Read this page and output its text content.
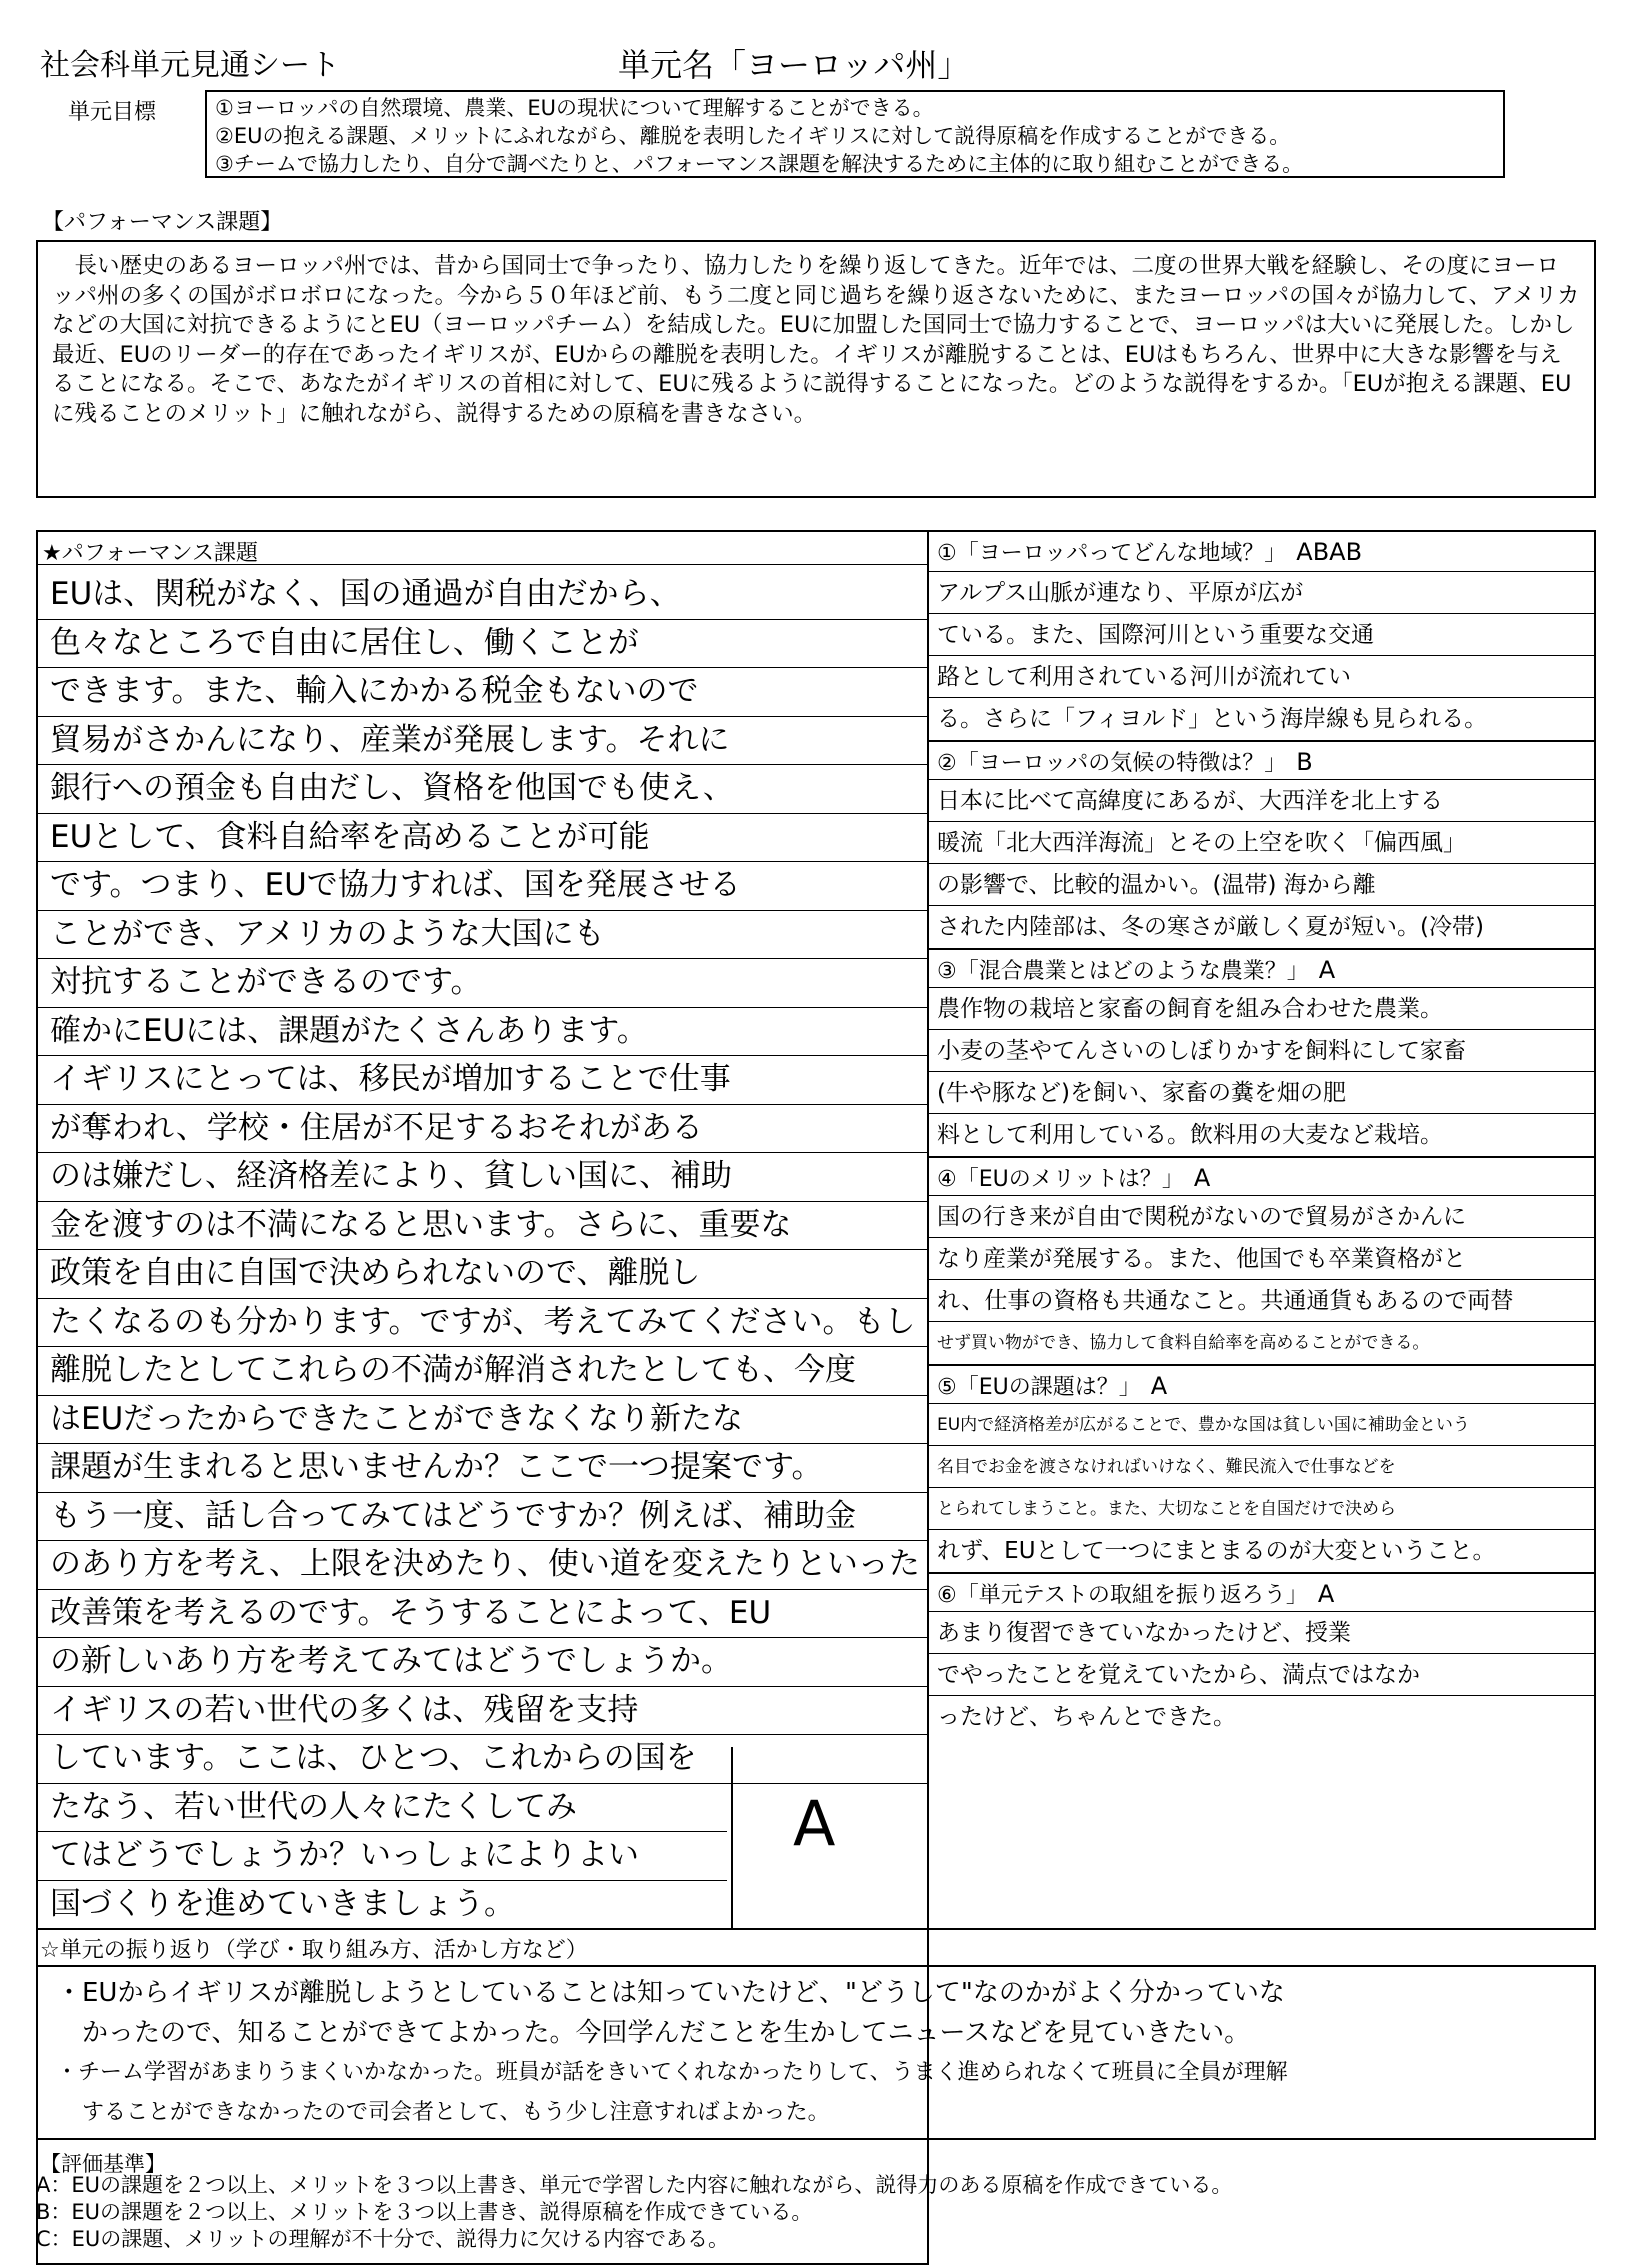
社会科単元見通シート	単元名「ヨーロッパ州」
単元目標	①ヨーロッパの自然環境、農業、EUの現状について理解することができる。
②EUの抱える課題、メリットにふれながら、離脱を表明したイギリスに対して説得原稿を作成することができる。
③チームで協力したり、自分で調べたりと、パフォーマンス課題を解決するために主体的に取り組むことができる。
【パフォーマンス課題】
長い歴史のあるヨーロッパ州では、昔から国同士で争ったり、協力したりを繰り返してきた。近年では、二度の世界大戦を経験し、その度にヨーロッパ州の多くの国がボロボロになった。今から５０年ほど前、もう二度と同じ過ちを繰り返さないために、またヨーロッパの国々が協力して、アメリカなどの大国に対抗できるようにとEU（ヨーロッパチーム）を結成した。EUに加盟した国同士で協力することで、ヨーロッパは大いに発展した。しかし最近、EUのリーダー的存在であったイギリスが、EUからの離脱を表明した。イギリスが離脱することは、EUはもちろん、世界中に大きな影響を与えることになる。そこで、あなたがイギリスの首相に対して、EUに残るように説得することになった。どのような説得をするか。「EUが抱える課題、EUに残ることのメリット」に触れながら、説得するための原稿を書きなさい。
★パフォーマンス課題
EUは、関税がなく、国の通過が自由だから、
色々なところで自由に居住し、働くことが
できます。また、輸入にかかる税金もないので
貿易がさかんになり、産業が発展します。それに
銀行への預金も自由だし、資格を他国でも使え、
EUとして、食料自給率を高めることが可能
です。つまり、EUで協力すれば、国を発展させる
ことができ、アメリカのような大国にも
対抗することができるのです。
確かにEUには、課題がたくさんあります。
イギリスにとっては、移民が増加することで仕事
が奪われ、学校・住居が不足するおそれがある
のは嫌だし、経済格差により、貧しい国に、補助
金を渡すのは不満になると思います。さらに、重要な
政策を自由に自国で決められないので、離脱し
たくなるのも分かります。ですが、考えてみてください。もし
離脱したとしてこれらの不満が解消されたとしても、今度
はEUだったからできたことができなくなり新たな
課題が生まれると思いませんか？ここで一つ提案です。
もう一度、話し合ってみてはどうですか？例えば、補助金
のあり方を考え、上限を決めたり、使い道を変えたりといった
改善策を考えるのです。そうすることによって、EU
の新しいあり方を考えてみてはどうでしょうか。
イギリスの若い世代の多くは、残留を支持
しています。ここは、ひとつ、これからの国を
たなう、若い世代の人々にたくしてみ
てはどうでしょうか？いっしょによりよい
国づくりを進めていきましょう。
A
①「ヨーロッパってどんな地域？」 ABAB
アルプス山脈が連なり、平原が広が
ている。また、国際河川という重要な交通
路として利用されている河川が流れてい
る。さらに「フィヨルド」という海岸線も見られる。
②「ヨーロッパの気候の特徴は？」 B
日本に比べて高緯度にあるが、大西洋を北上する
暖流「北大西洋海流」とその上空を吹く「偏西風」
の影響で、比較的温かい。(温帯) 海から離
された内陸部は、冬の寒さが厳しく夏が短い。(冷帯)
③「混合農業とはどのような農業？」 A
農作物の栽培と家畜の飼育を組み合わせた農業。
小麦の茎やてんさいのしぼりかすを飼料にして家畜
(牛や豚など)を飼い、家畜の糞を畑の肥
料として利用している。飲料用の大麦など栽培。
④「EUのメリットは？」 A
国の行き来が自由で関税がないので貿易がさかんに
なり産業が発展する。また、他国でも卒業資格がと
れ、仕事の資格も共通なこと。共通通貨もあるので両替
せず買い物ができ、協力して食料自給率を高めることができる。
⑤「EUの課題は？」 A
EU内で経済格差が広がることで、豊かな国は貧しい国に補助金という
名目でお金を渡さなければいけなく、難民流入で仕事などを
とられてしまうこと。また、大切なことを自国だけで決めら
れず、EUとして一つにまとまるのが大変ということ。
⑥「単元テストの取組を振り返ろう」 A
あまり復習できていなかったけど、授業
でやったことを覚えていたから、満点ではなか
ったけど、ちゃんとできた。
☆単元の振り返り（学び・取り組み方、活かし方など）
・EUからイギリスが離脱しようとしていることは知っていたけど、"どうして"なのかがよく分かっていな
かったので、知ることができてよかった。今回学んだことを生かしてニュースなどを見ていきたい。
・チーム学習があまりうまくいかなかった。班員が話をきいてくれなかったりして、うまく進められなくて班員に全員が理解
することができなかったので司会者として、もう少し注意すればよかった。
【評価基準】
A：EUの課題を２つ以上、メリットを３つ以上書き、単元で学習した内容に触れながら、説得力のある原稿を作成できている。
B：EUの課題を２つ以上、メリットを３つ以上書き、説得原稿を作成できている。
C：EUの課題、メリットの理解が不十分で、説得力に欠ける内容である。
